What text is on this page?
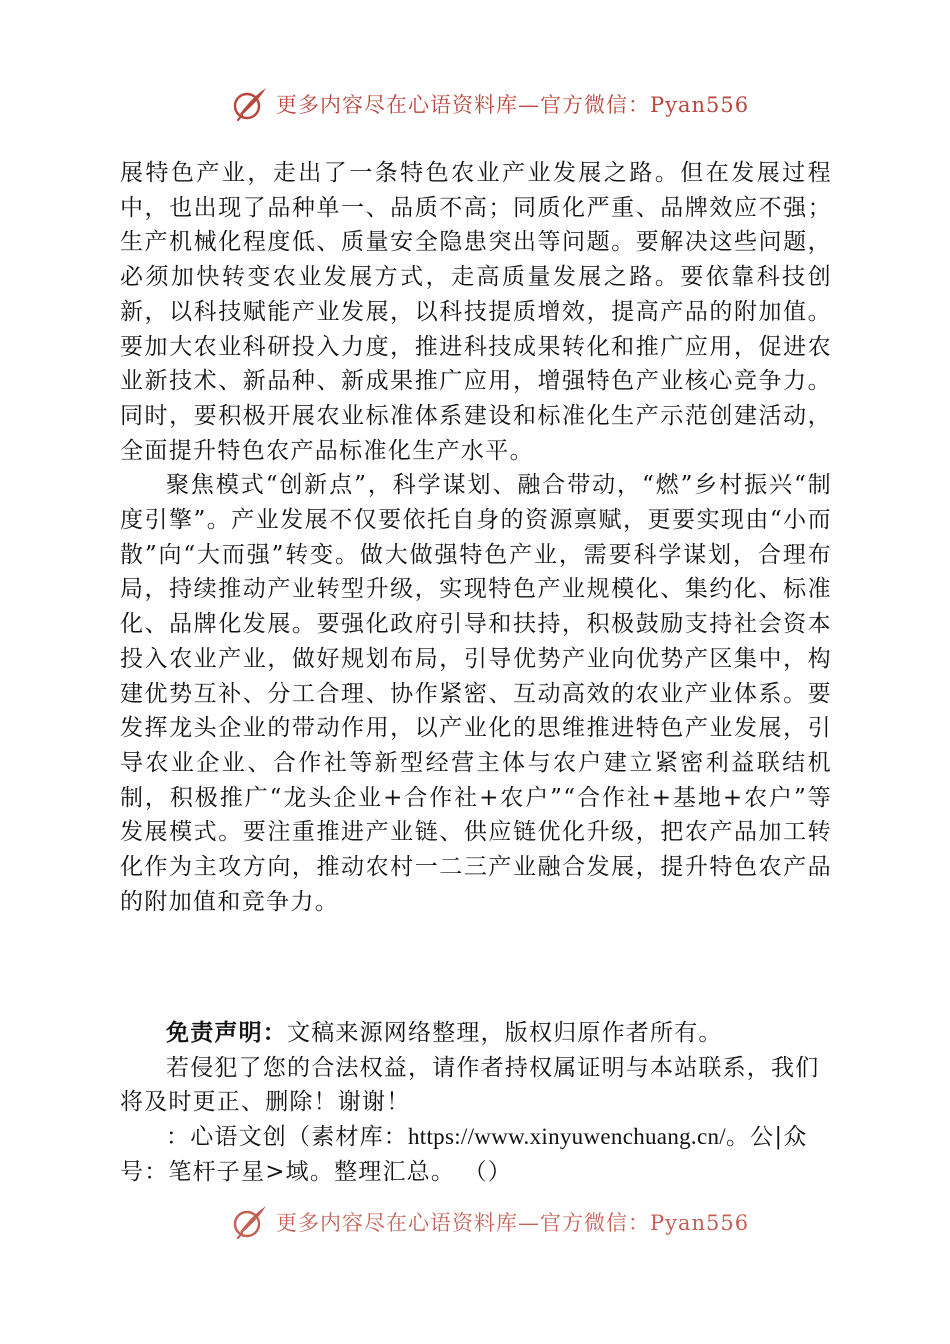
更多内容尽在心语资料库—官方微信：Pyan556

展特色产业，走出了一条特色农业产业发展之路。但在发展过程中，也出现了品种单一、品质不高；同质化严重、品牌效应不强；生产机械化程度低、质量安全隐患突出等问题。要解决这些问题，必须加快转变农业发展方式，走高质量发展之路。要依靠科技创新，以科技赋能产业发展，以科技提质增效，提高产品的附加值。要加大农业科研投入力度，推进科技成果转化和推广应用，促进农业新技术、新品种、新成果推广应用，增强特色产业核心竞争力。同时，要积极开展农业标准体系建设和标准化生产示范创建活动，全面提升特色农产品标准化生产水平。

聚焦模式“创新点”，科学谋划、融合带动，“燃”乡村振兴“制度引擎”。产业发展不仅要依托自身的资源禀赋，更要实现由“小而散”向“大而强”转变。做大做强特色产业，需要科学谋划，合理布局，持续推动产业转型升级，实现特色产业规模化、集约化、标准化、品牌化发展。要强化政府引导和扶持，积极鼓励支持社会资本投入农业产业，做好规划布局，引导优势产业向优势产区集中，构建优势互补、分工合理、协作紧密、互动高效的农业产业体系。要发挥龙头企业的带动作用，以产业化的思维推进特色产业发展，引导农业企业、合作社等新型经营主体与农户建立紧密利益联结机制，积极推广“龙头企业+合作社+农户”“合作社+基地+农户”等发展模式。要注重推进产业链、供应链优化升级，把农产品加工转化作为主攻方向，推动农村一二三产业融合发展，提升特色农产品的附加值和竞争力。

免责声明：文稿来源网络整理，版权归原作者所有。

若侵犯了您的合法权益，请作者持权属证明与本站联系，我们将及时更正、删除！谢谢！

：心语文创（素材库：https://www.xinyuwenchuang.cn/。公|众号：笔杆子星>域。整理汇总。 （）

更多内容尽在心语资料库—官方微信：Pyan556
